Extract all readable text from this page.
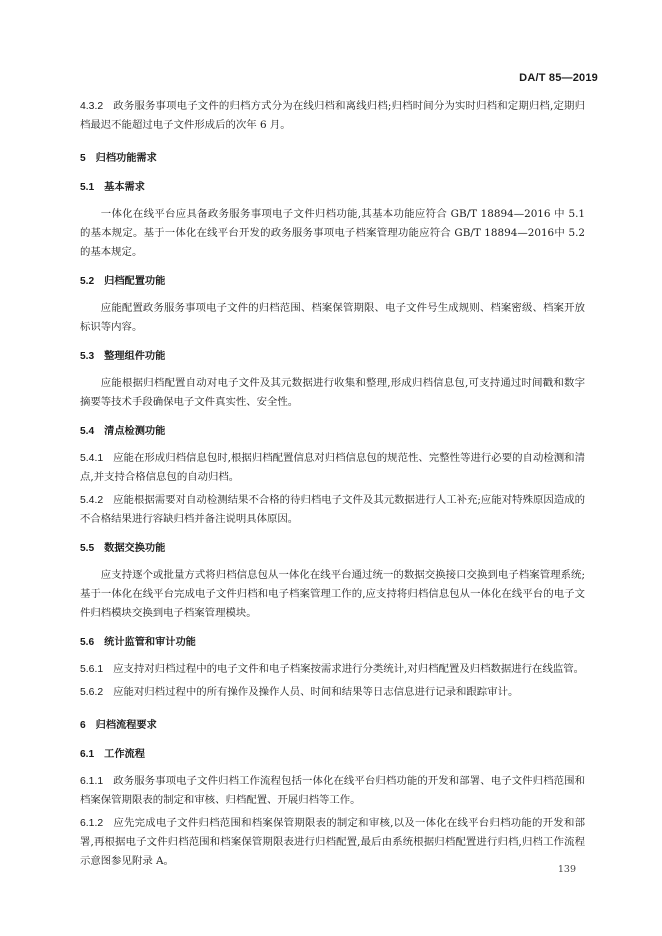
DA/T 85—2019

4.3.2 政务服务事项电子文件的归档方式分为在线归档和离线归档;归档时间分为实时归档和定期归档,定期归档最迟不能超过电子文件形成后的次年 6 月。

5 归档功能需求
5.1 基本需求

一体化在线平台应具备政务服务事项电子文件归档功能,其基本功能应符合 GB/T 18894—2016 中 5.1 的基本规定。基于一体化在线平台开发的政务服务事项电子档案管理功能应符合 GB/T 18894—2016中 5.2 的基本规定。

5.2 归档配置功能

应能配置政务服务事项电子文件的归档范围、档案保管期限、电子文件号生成规则、档案密级、档案开放标识等内容。

5.3 整理组件功能

应能根据归档配置自动对电子文件及其元数据进行收集和整理,形成归档信息包,可支持通过时间戳和数字摘要等技术手段确保电子文件真实性、安全性。

5.4 清点检测功能

5.4.1 应能在形成归档信息包时,根据归档配置信息对归档信息包的规范性、完整性等进行必要的自动检测和清点,并支持合格信息包的自动归档。

5.4.2 应能根据需要对自动检测结果不合格的待归档电子文件及其元数据进行人工补充;应能对特殊原因造成的不合格结果进行容缺归档并备注说明具体原因。

5.5 数据交换功能

应支持逐个或批量方式将归档信息包从一体化在线平台通过统一的数据交换接口交换到电子档案管理系统;基于一体化在线平台完成电子文件归档和电子档案管理工作的,应支持将归档信息包从一体化在线平台的电子文件归档模块交换到电子档案管理模块。

5.6 统计监管和审计功能

5.6.1 应支持对归档过程中的电子文件和电子档案按需求进行分类统计,对归档配置及归档数据进行在线监管。

5.6.2 应能对归档过程中的所有操作及操作人员、时间和结果等日志信息进行记录和跟踪审计。

6 归档流程要求
6.1 工作流程

6.1.1 政务服务事项电子文件归档工作流程包括一体化在线平台归档功能的开发和部署、电子文件归档范围和档案保管期限表的制定和审核、归档配置、开展归档等工作。

6.1.2 应先完成电子文件归档范围和档案保管期限表的制定和审核,以及一体化在线平台归档功能的开发和部署,再根据电子文件归档范围和档案保管期限表进行归档配置,最后由系统根据归档配置进行归档,归档工作流程示意图参见附录 A。

139
